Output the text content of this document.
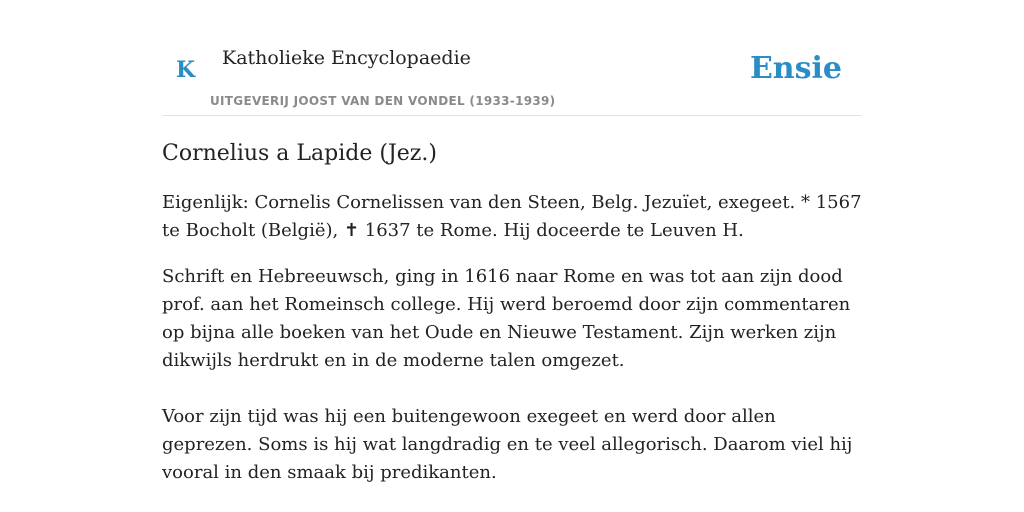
K Katholieke Encyclopaedie
UITGEVERIJ JOOST VAN DEN VONDEL (1933-1939)
Ensie
Cornelius a Lapide (Jez.)

Eigenlijk: Cornelis Cornelissen van den Steen, Belg. Jezuïet, exegeet. * 1567 te Bocholt (België), ✝ 1637 te Rome. Hij doceerde te Leuven H.

Schrift en Hebreeuwsch, ging in 1616 naar Rome en was tot aan zijn dood prof. aan het Romeinsch college. Hij werd beroemd door zijn commentaren op bijna alle boeken van het Oude en Nieuwe Testament. Zijn werken zijn dikwijls herdrukt en in de moderne talen omgezet.

Voor zijn tijd was hij een buitengewoon exegeet en werd door allen geprezen. Soms is hij wat langdradig en te veel allegorisch. Daarom viel hij vooral in den smaak bij predikanten.
